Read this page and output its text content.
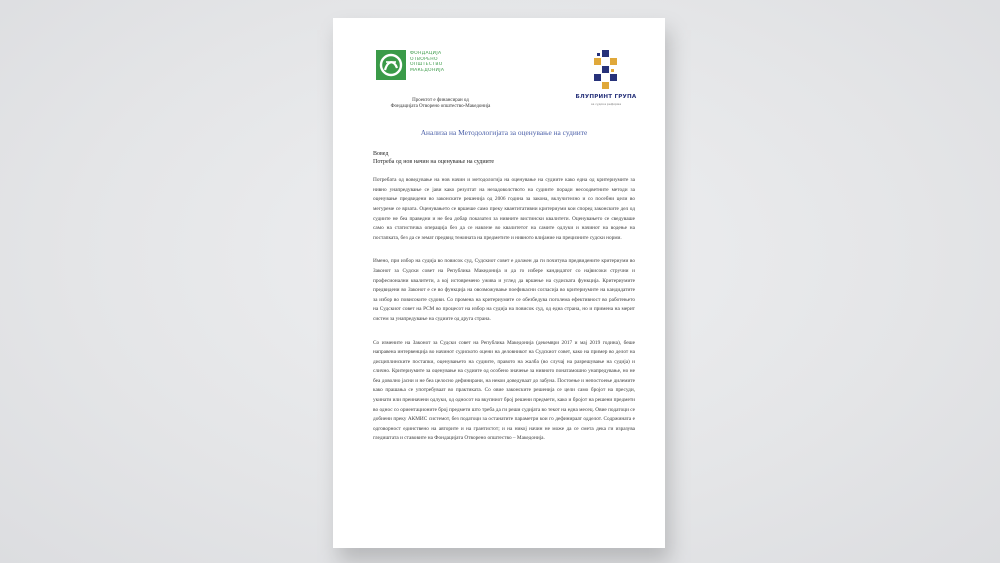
ФОНДАЦИЈА
ОТВОРЕНО
ОПШТЕСТВО
МАКЕДОНИЈА
Проектот е финансиран од
Фондацијата Отворено општество-Македонија
БЛУПРИНТ ГРУПА
за судска реформа
Анализа на Методологијата за оценување на судиите
Вовед
Потреба од нов начин на оценување на судиите

Потребата од воведување на нов начин и методологија на оценување на судиите како една од критериумите за нивно унапредување се јави како резултат на незадоволството на судиите поради несоодветните методи за оценување предвидени во законските решенија од 2006 година за закона, вклучително и со посебни цели во мегуреме се врзата. Оценувањето се вршеше само преку квантитативни критериуми кои според законските дел од судиите не беа праведни и не беа добар показател за нивните вистински квалитети. Оценувањето се сведуваше само на статистичка операција без да се навлезе во квалитетот на самите одлуки и начинот на водење на постапката, без да се земат предвид тежината на предметите и нивното влијание на прецизните судски норми.

Имено, при избор на судија во повисок суд, Судскиот совет е должен да ги почитува предвидените критериуми во Законот за Судски совет на Република Македонија и да го избере кандидатот со највисоки стручни и професионални квалитети, а кој истовремено ужива и углед да вршење на судиската функција. Критериумите предвидени во Законот е се во функција на овозможување поефикасни согласија во критериумите на кандидатите за избор во повисоките судови. Со промена на критериумите се обезбедува поголема ефективност во работењето на Судскиот совет на РСМ во процесот на избор на судија на повисок суд, од една страна, но и примена на мерит систем за унапредување на судиите од друга страна.

Со измените на Законот за Судски совет на Република Македонија (декември 2017 и мај 2019 година), беше направена интервенција во начинот судиското оцени на деловникот на Судскиот совет, како на пример во делот на дисциплинските постапки, оценувањето на судиите, правото на жалба (во случај на разрешување на судија) и слично. Критериумите за оценување на судиите од особено значење за нивното понатамошно унапредување, но не беа доволно јасни и не беа целосно дефинирани, на некои доведуваат до забуна. Постоење и непостоење дилемите како прашања се употребуваат во практиката. Со овие законските решенија се цели само бројот на пресуди, укинати или преиначени одлуки, од односот на вкупниот број решени предмети, како и бројот на решени предмети во однос со ориентационите број предмети што треба да ги реши судијата во текот на една месец. Овие податоци се добиени преку АКМИС системот, без податоци за останатите параметри кои го дефинираат одделот. Содржината е одговорност единствено на авторите и на грантистот; и на никој начин не може да се смета дека ги изразува гледиштата и ставовите на Фондацијата Отворено општество – Македонија.
